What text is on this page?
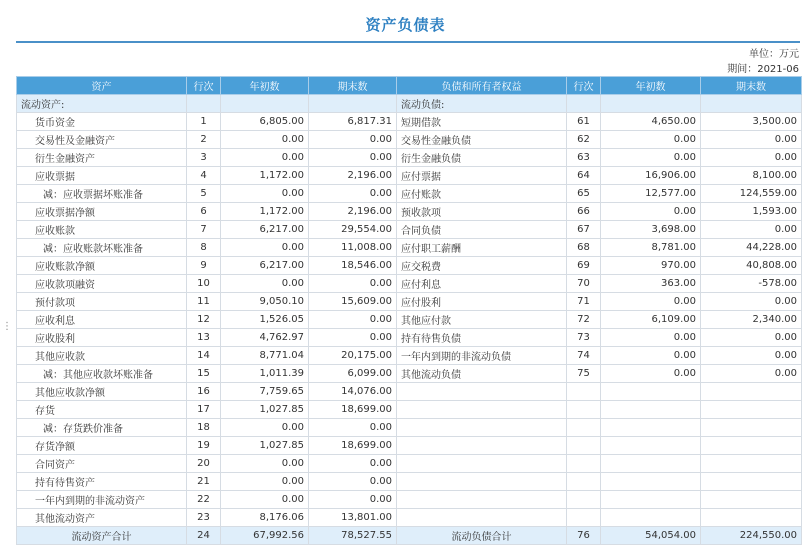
资产负债表
单位：万元
期间：2021-06
⋮
资产	行次	年初数	期末数	负债和所有者权益	行次	年初数	期末数
流动资产:				流动负债:			
货币资金	1	6,805.00	6,817.31	短期借款	61	4,650.00	3,500.00
交易性及金融资产	2	0.00	0.00	交易性金融负债	62	0.00	0.00
衍生金融资产	3	0.00	0.00	衍生金融负债	63	0.00	0.00
应收票据	4	1,172.00	2,196.00	应付票据	64	16,906.00	8,100.00
减：应收票据坏账准备	5	0.00	0.00	应付账款	65	12,577.00	124,559.00
应收票据净额	6	1,172.00	2,196.00	预收款项	66	0.00	1,593.00
应收账款	7	6,217.00	29,554.00	合同负债	67	3,698.00	0.00
减：应收账款坏账准备	8	0.00	11,008.00	应付职工薪酬	68	8,781.00	44,228.00
应收账款净额	9	6,217.00	18,546.00	应交税费	69	970.00	40,808.00
应收款项融资	10	0.00	0.00	应付利息	70	363.00	-578.00
预付款项	11	9,050.10	15,609.00	应付股利	71	0.00	0.00
应收利息	12	1,526.05	0.00	其他应付款	72	6,109.00	2,340.00
应收股利	13	4,762.97	0.00	持有待售负债	73	0.00	0.00
其他应收款	14	8,771.04	20,175.00	一年内到期的非流动负债	74	0.00	0.00
减：其他应收款坏账准备	15	1,011.39	6,099.00	其他流动负债	75	0.00	0.00
其他应收款净额	16	7,759.65	14,076.00				
存货	17	1,027.85	18,699.00				
减：存货跌价准备	18	0.00	0.00				
存货净额	19	1,027.85	18,699.00				
合同资产	20	0.00	0.00				
持有待售资产	21	0.00	0.00				
一年内到期的非流动资产	22	0.00	0.00				
其他流动资产	23	8,176.06	13,801.00				
流动资产合计	24	67,992.56	78,527.55	流动负债合计	76	54,054.00	224,550.00
